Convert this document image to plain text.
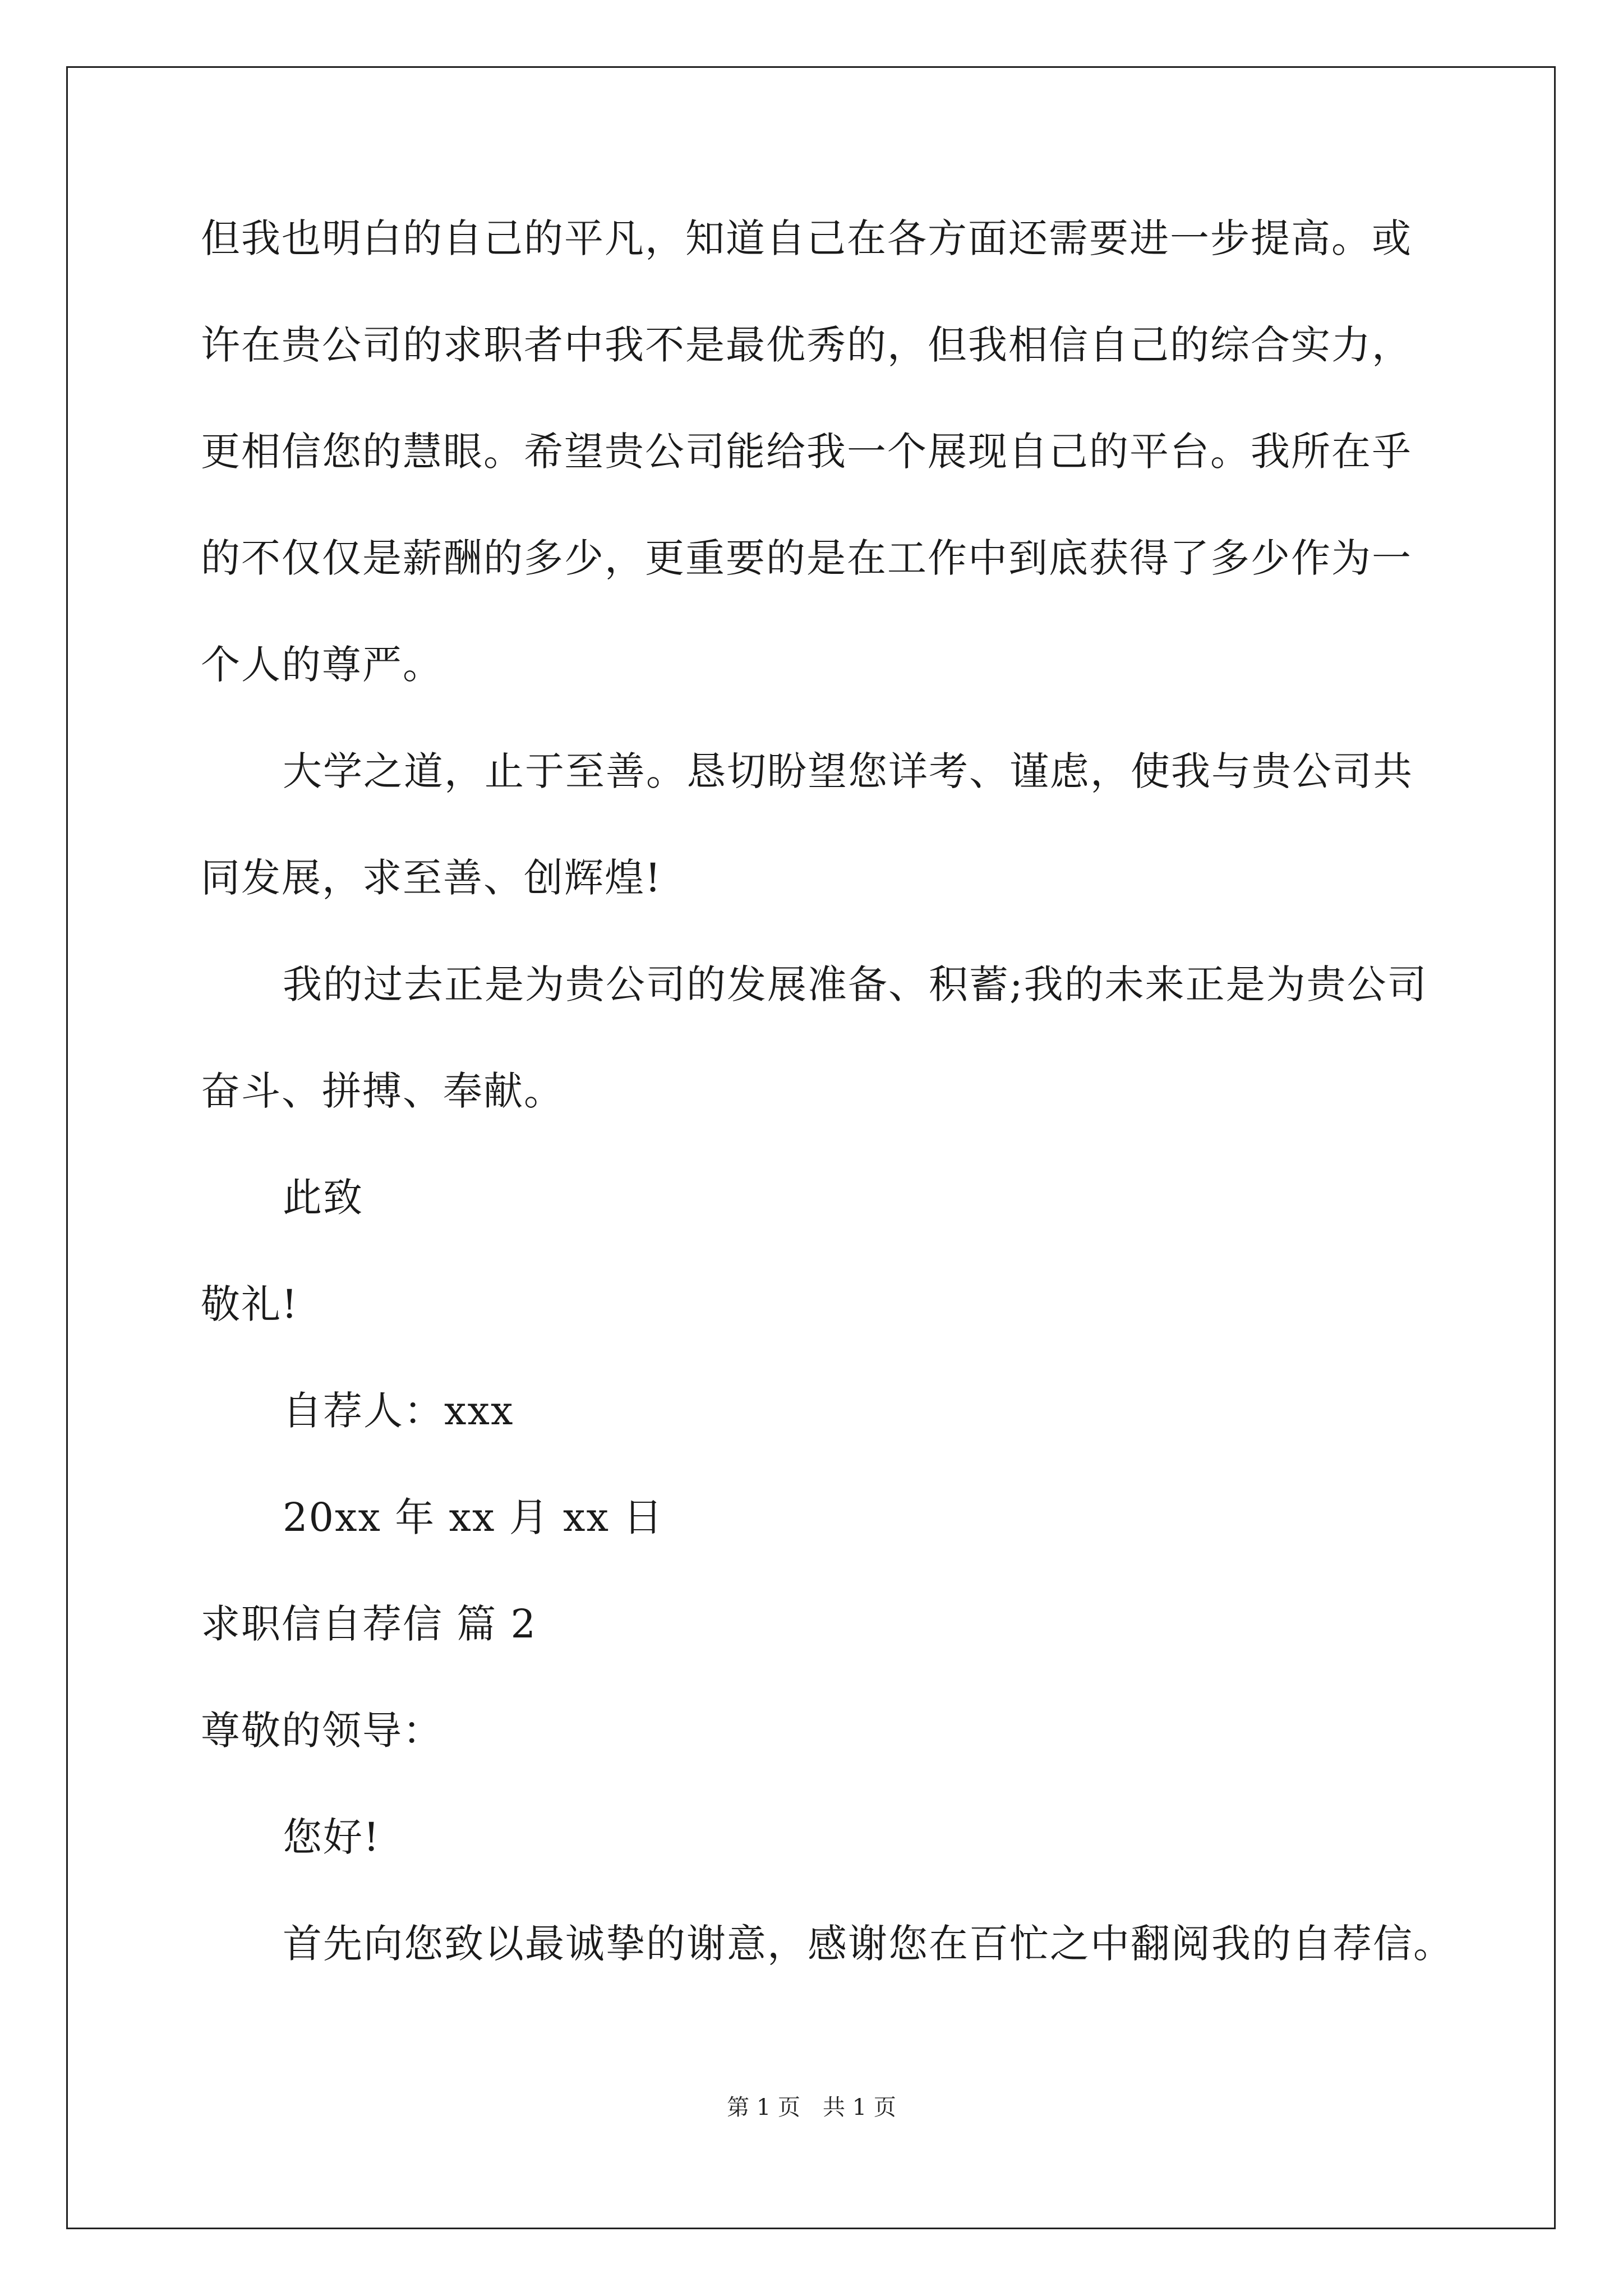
但我也明白的自己的平凡，知道自己在各方面还需要进一步提高。或
许在贵公司的求职者中我不是最优秀的，但我相信自己的综合实力，
更相信您的慧眼。希望贵公司能给我一个展现自己的平台。我所在乎
的不仅仅是薪酬的多少，更重要的是在工作中到底获得了多少作为一
个人的尊严。
大学之道，止于至善。恳切盼望您详考、谨虑，使我与贵公司共
同发展，求至善、创辉煌!
我的过去正是为贵公司的发展准备、积蓄;我的未来正是为贵公司
奋斗、拼搏、奉献。
此致
敬礼!
自荐人：xxx
20xx 年 xx 月 xx 日
求职信自荐信 篇 2
尊敬的领导：
您好!
首先向您致以最诚挚的谢意，感谢您在百忙之中翻阅我的自荐信。
第 1 页　共 1 页
